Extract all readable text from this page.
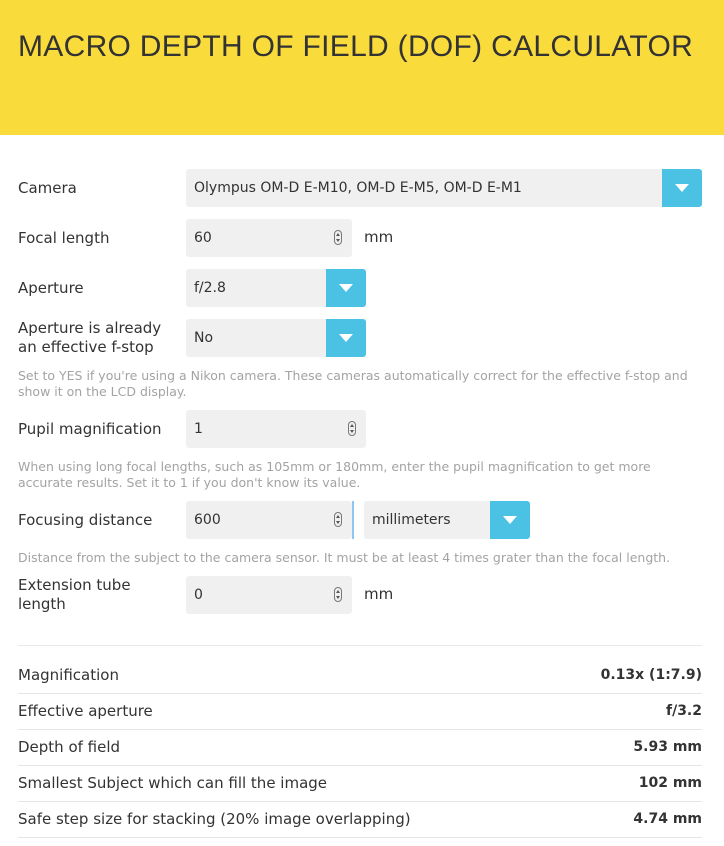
MACRO DEPTH OF FIELD (DOF) CALCULATOR
Camera	Olympus OM-D E-M10, OM-D E-M5, OM-D E-M1
Focal length	60	mm
Aperture	f/2.8
Aperture is already an effective f-stop	No
Set to YES if you're using a Nikon camera. These cameras automatically correct for the effective f-stop and show it on the LCD display.
Pupil magnification 1
When using long focal lengths, such as 105mm or 180mm, enter the pupil magnification to get more accurate results. Set it to 1 if you don't know its value.
Focusing distance	600	millimeters
Distance from the subject to the camera sensor. It must be at least 4 times grater than the focal length.
Extension tube length	0	mm
Magnification	0.13x (1:7.9)
Effective aperture	f/3.2
Depth of field	5.93 mm
Smallest Subject which can fill the image	102 mm
Safe step size for stacking (20% image overlapping)	4.74 mm
